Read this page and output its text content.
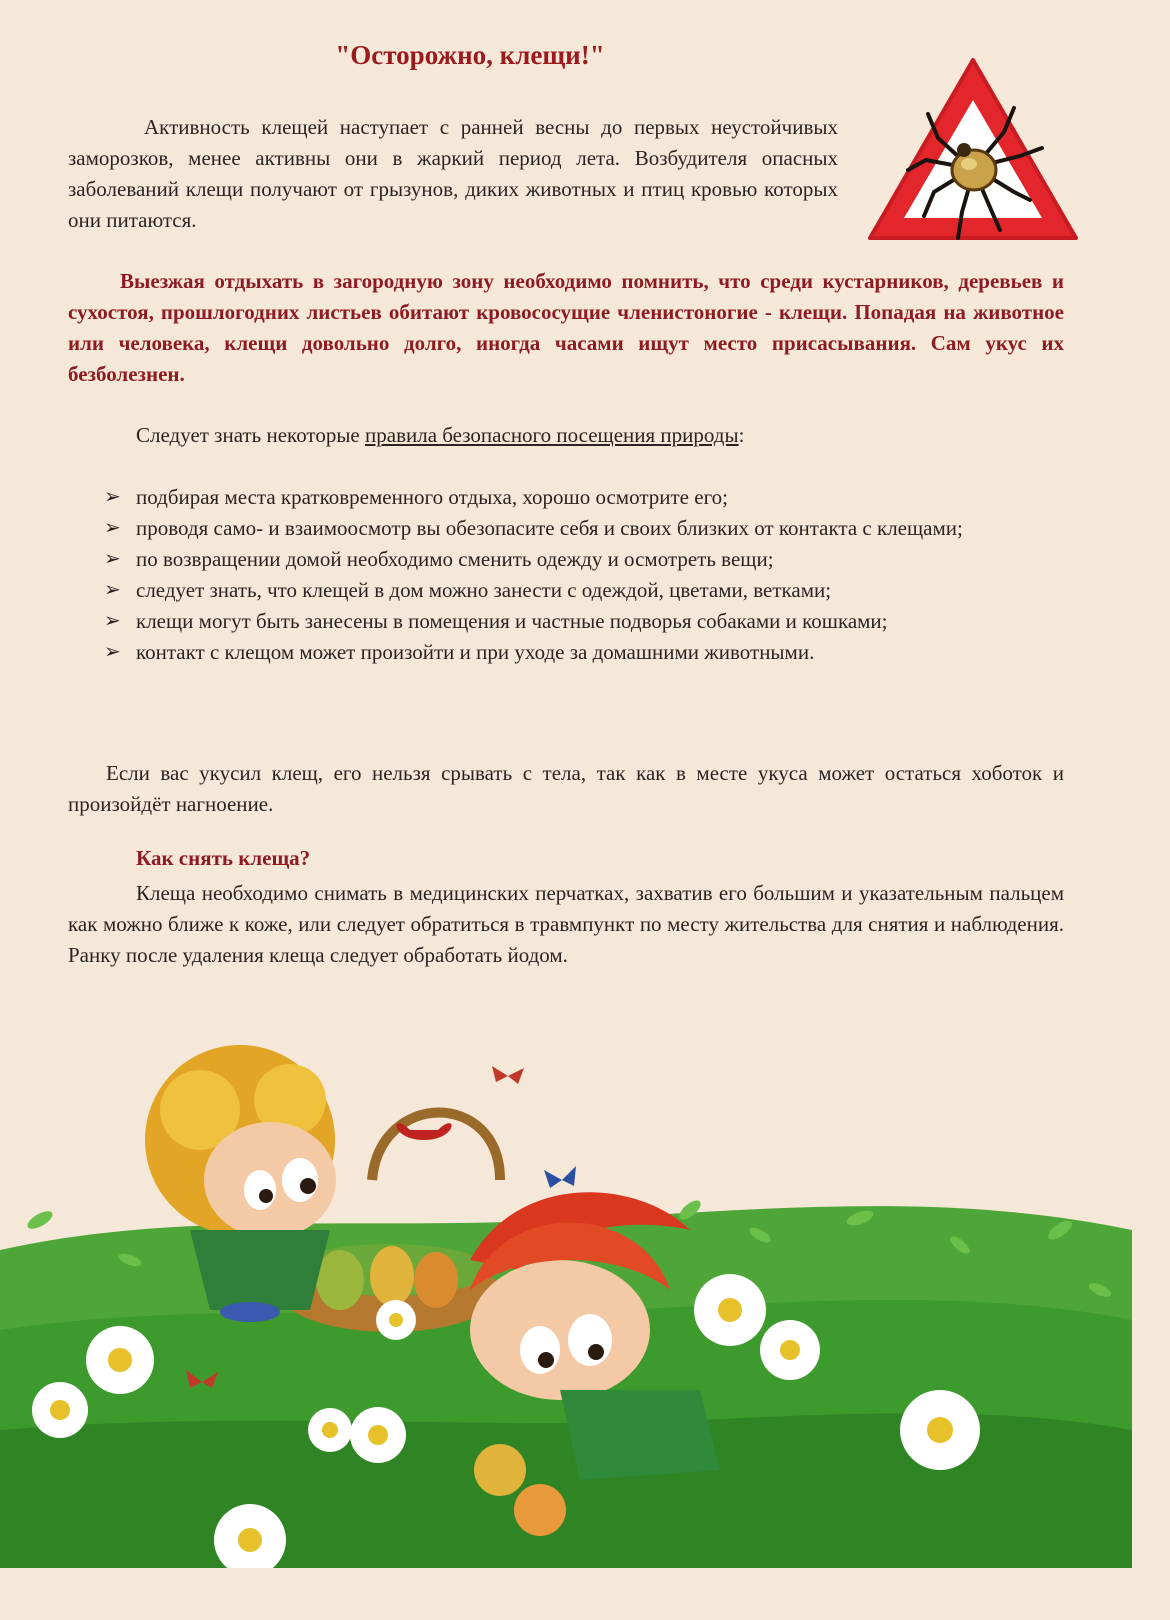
"Осторожно, клещи!"

Активность клещей наступает с ранней весны до первых неустойчивых заморозков, менее активны они в жаркий период лета. Возбудителя опасных заболеваний клещи получают от грызунов, диких животных и птиц кровью которых они питаются.

Выезжая отдыхать в загородную зону необходимо помнить, что среди кустарников, деревьев и сухостоя, прошлогодних листьев обитают кровососущие членистоногие - клещи. Попадая на животное или человека, клещи довольно долго, иногда часами ищут место присасывания. Сам укус их безболезнен.

Следует знать некоторые правила безопасного посещения природы:

➢ подбирая места кратковременного отдыха, хорошо осмотрите его;
➢ проводя само- и взаимоосмотр вы обезопасите себя и своих близких от контакта с клещами;
➢ по возвращении домой необходимо сменить одежду и осмотреть вещи;
➢ следует знать, что клещей в дом можно занести с одеждой, цветами, ветками;
➢ клещи могут быть занесены в помещения и частные подворья собаками и кошками;
➢ контакт с клещом может произойти и при уходе за домашними животными.

Если вас укусил клещ, его нельзя срывать с тела, так как в месте укуса может остаться хоботок и произойдёт нагноение.

Как снять клеща?

Клеща необходимо снимать в медицинских перчатках, захватив его большим и указательным пальцем как можно ближе к коже, или следует обратиться в травмпункт по месту жительства для снятия и наблюдения. Ранку после удаления клеща следует обработать йодом.
